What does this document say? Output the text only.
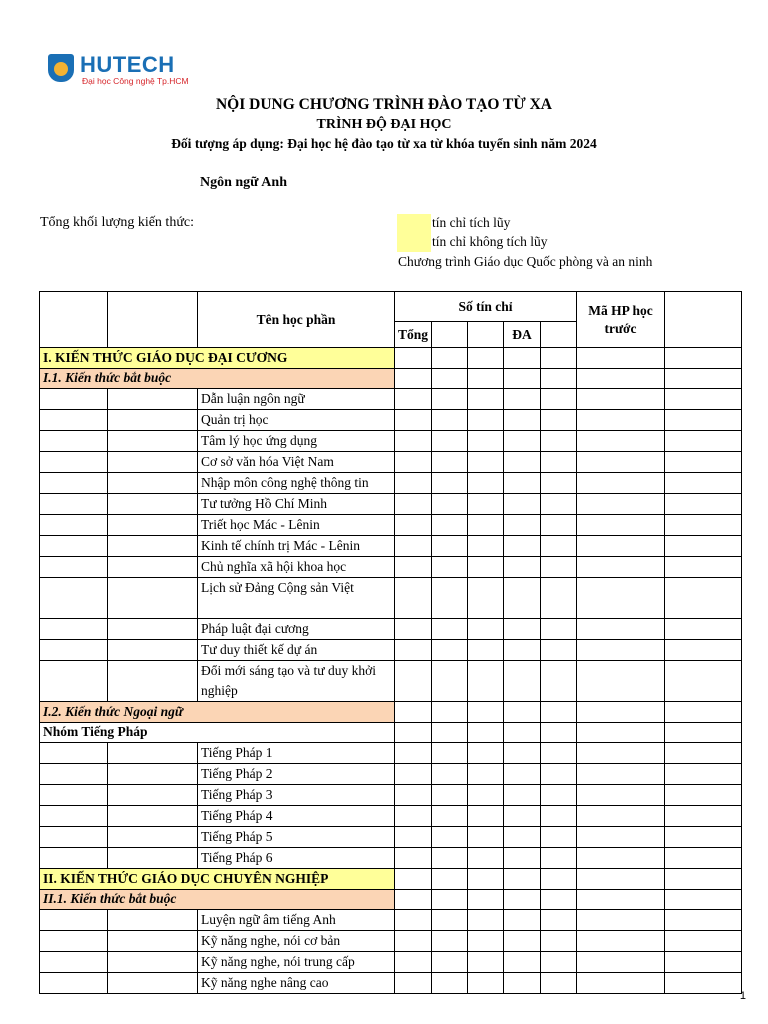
HUTECH
Đại học Công nghệ Tp.HCM
NỘI DUNG CHƯƠNG TRÌNH ĐÀO TẠO TỪ XA
TRÌNH ĐỘ ĐẠI HỌC
Đối tượng áp dụng: Đại học hệ đào tạo từ xa từ khóa tuyển sinh năm 2024
Ngôn ngữ Anh
Tổng khối lượng kiến thức:	tín chỉ tích lũy
tín chỉ không tích lũy
Chương trình Giáo dục Quốc phòng và an ninh
		Tên học phần	Số tín chỉ					Mã HP học trước	
			Tổng			ĐA			
I. KIẾN THỨC GIÁO DỤC ĐẠI CƯƠNG									
I.1. Kiến thức bắt buộc									
		Dẫn luận ngôn ngữ							
		Quản trị học							
		Tâm lý học ứng dụng							
		Cơ sở văn hóa Việt Nam							
		Nhập môn công nghệ thông tin							
		Tư tưởng Hồ Chí Minh							
		Triết học Mác - Lênin							
		Kinh tế chính trị Mác - Lênin							
		Chủ nghĩa xã hội khoa học							
		Lịch sử Đảng Cộng sản Việt							
		Pháp luật đại cương							
		Tư duy thiết kế dự án							
		Đổi mới sáng tạo và tư duy khởi nghiệp							
I.2. Kiến thức Ngoại ngữ									
Nhóm Tiếng Pháp									
		Tiếng Pháp 1							
		Tiếng Pháp 2							
		Tiếng Pháp 3							
		Tiếng Pháp 4							
		Tiếng Pháp 5							
		Tiếng Pháp 6							
II. KIẾN THỨC GIÁO DỤC CHUYÊN NGHIỆP									
II.1. Kiến thức bắt buộc									
		Luyện ngữ âm tiếng Anh							
		Kỹ năng nghe, nói cơ bản							
		Kỹ năng nghe, nói trung cấp							
		Kỹ năng nghe nâng cao							
1
